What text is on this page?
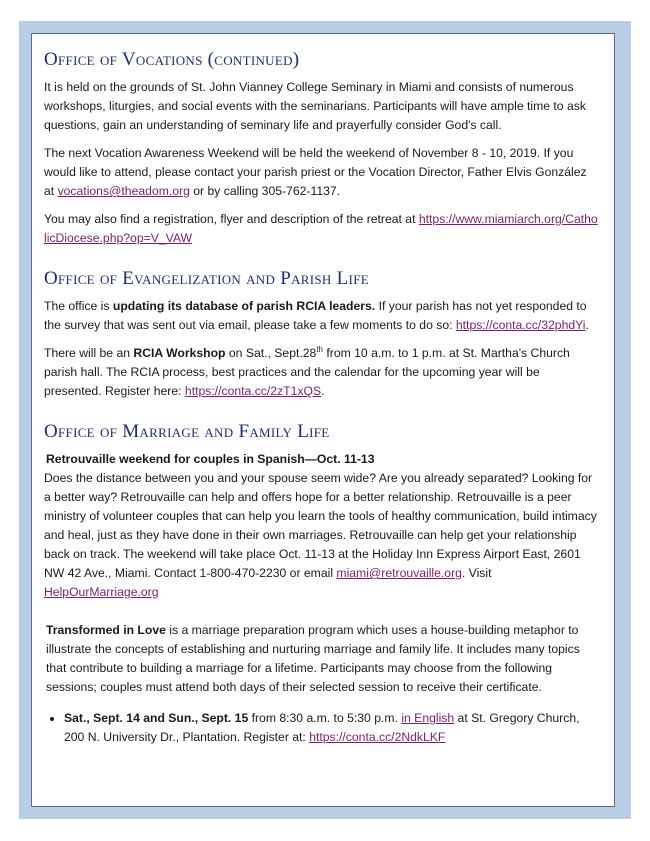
Office of Vocations (continued)

It is held on the grounds of St. John Vianney College Seminary in Miami and consists of numerous workshops, liturgies, and social events with the seminarians. Participants will have ample time to ask questions, gain an understanding of seminary life and prayerfully consider God's call.

The next Vocation Awareness Weekend will be held the weekend of November 8 - 10, 2019. If you would like to attend, please contact your parish priest or the Vocation Director, Father Elvis González at vocations@theadom.org or by calling 305-762-1137.

You may also find a registration, flyer and description of the retreat at https://www.miamiarch.org/CatholicDiocese.php?op=V_VAW

Office of Evangelization and Parish Life

The office is updating its database of parish RCIA leaders. If your parish has not yet responded to the survey that was sent out via email, please take a few moments to do so: https://conta.cc/32phdYi.

There will be an RCIA Workshop on Sat., Sept.28th from 10 a.m. to 1 p.m. at St. Martha's Church parish hall. The RCIA process, best practices and the calendar for the upcoming year will be presented. Register here: https://conta.cc/2zT1xQS.

Office of Marriage and Family Life

Retrouvaille weekend for couples in Spanish—Oct. 11-13

Does the distance between you and your spouse seem wide? Are you already separated? Looking for a better way? Retrouvaille can help and offers hope for a better relationship. Retrouvaille is a peer ministry of volunteer couples that can help you learn the tools of healthy communication, build intimacy and heal, just as they have done in their own marriages. Retrouvaille can help get your relationship back on track. The weekend will take place Oct. 11-13 at the Holiday Inn Express Airport East, 2601 NW 42 Ave., Miami. Contact 1-800-470-2230 or email miami@retrouvaille.org. Visit HelpOurMarriage.org

Transformed in Love is a marriage preparation program which uses a house-building metaphor to illustrate the concepts of establishing and nurturing marriage and family life. It includes many topics that contribute to building a marriage for a lifetime. Participants may choose from the following sessions; couples must attend both days of their selected session to receive their certificate.

• Sat., Sept. 14 and Sun., Sept. 15 from 8:30 a.m. to 5:30 p.m. in English at St. Gregory Church, 200 N. University Dr., Plantation. Register at: https://conta.cc/2NdkLKF
